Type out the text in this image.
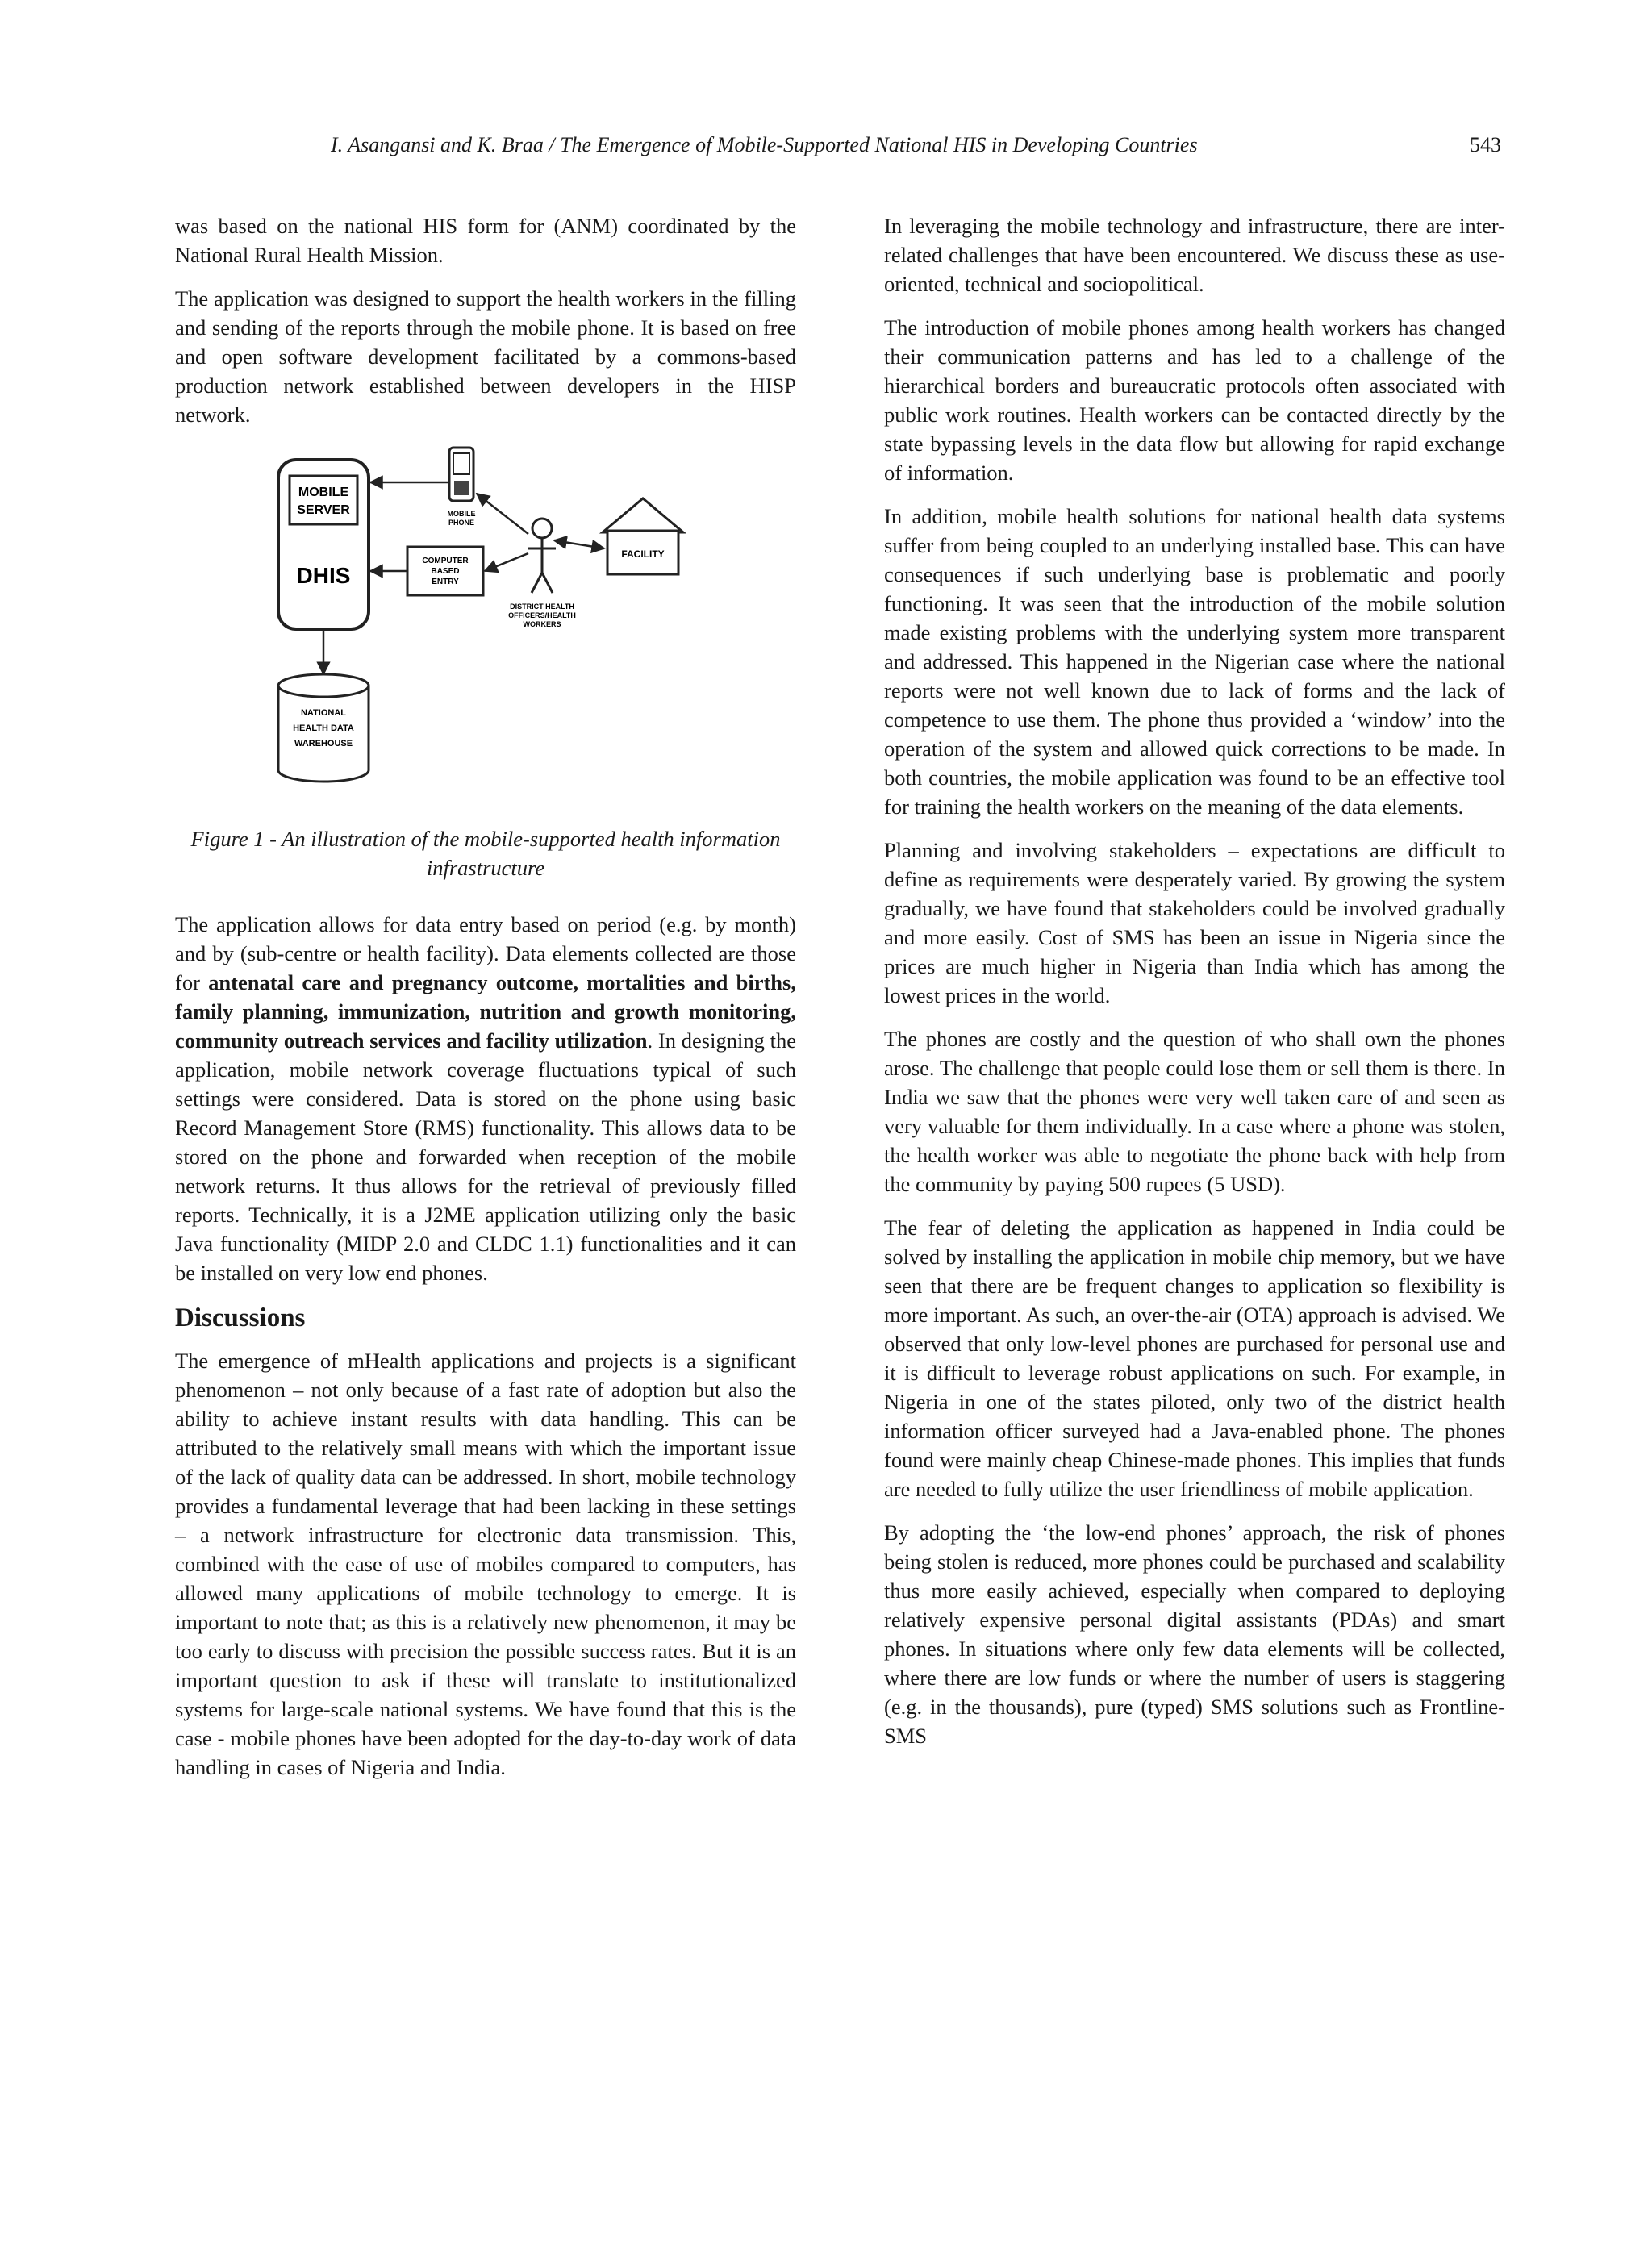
I. Asangansi and K. Braa / The Emergence of Mobile-Supported National HIS in Developing Countries	543

was based on the national HIS form for (ANM) coordinated by the National Rural Health Mission.

The application was designed to support the health workers in the filling and sending of the reports through the mobile phone. It is based on free and open software development facilitated by a commons-based production network established between developers in the HISP network.

MOBILE
SERVER
DHIS
MOBILE
PHONE
COMPUTER
BASED
ENTRY
DISTRICT HEALTH
OFFICERS/HEALTH
WORKERS
FACILITY
NATIONAL
HEALTH DATA
WAREHOUSE
Figure 1 - An illustration of the mobile-supported health information infrastructure

The application allows for data entry based on period (e.g. by month) and by (sub-centre or health facility). Data elements collected are those for antenatal care and pregnancy outcome, mortalities and births, family planning, immunization, nutrition and growth monitoring, community outreach services and facility utilization. In designing the application, mobile network coverage fluctuations typical of such settings were considered. Data is stored on the phone using basic Record Management Store (RMS) functionality. This allows data to be stored on the phone and forwarded when reception of the mobile network returns. It thus allows for the retrieval of previously filled reports. Technically, it is a J2ME application utilizing only the basic Java functionality (MIDP 2.0 and CLDC 1.1) functionalities and it can be installed on very low end phones.

Discussions

The emergence of mHealth applications and projects is a significant phenomenon – not only because of a fast rate of adoption but also the ability to achieve instant results with data handling. This can be attributed to the relatively small means with which the important issue of the lack of quality data can be addressed. In short, mobile technology provides a fundamental leverage that had been lacking in these settings – a network infrastructure for electronic data transmission. This, combined with the ease of use of mobiles compared to computers, has allowed many applications of mobile technology to emerge. It is important to note that; as this is a relatively new phenomenon, it may be too early to discuss with precision the possible success rates. But it is an important question to ask if these will translate to institutionalized systems for large-scale national systems. We have found that this is the case - mobile phones have been adopted for the day-to-day work of data handling in cases of Nigeria and India.

In leveraging the mobile technology and infrastructure, there are inter-related challenges that have been encountered. We discuss these as use-oriented, technical and sociopolitical.

The introduction of mobile phones among health workers has changed their communication patterns and has led to a challenge of the hierarchical borders and bureaucratic protocols often associated with public work routines. Health workers can be contacted directly by the state bypassing levels in the data flow but allowing for rapid exchange of information.

In addition, mobile health solutions for national health data systems suffer from being coupled to an underlying installed base. This can have consequences if such underlying base is problematic and poorly functioning. It was seen that the introduction of the mobile solution made existing problems with the underlying system more transparent and addressed. This happened in the Nigerian case where the national reports were not well known due to lack of forms and the lack of competence to use them. The phone thus provided a ‘window’ into the operation of the system and allowed quick corrections to be made. In both countries, the mobile application was found to be an effective tool for training the health workers on the meaning of the data elements.

Planning and involving stakeholders – expectations are difficult to define as requirements were desperately varied. By growing the system gradually, we have found that stakeholders could be involved gradually and more easily. Cost of SMS has been an issue in Nigeria since the prices are much higher in Nigeria than India which has among the lowest prices in the world.

The phones are costly and the question of who shall own the phones arose. The challenge that people could lose them or sell them is there. In India we saw that the phones were very well taken care of and seen as very valuable for them individually. In a case where a phone was stolen, the health worker was able to negotiate the phone back with help from the community by paying 500 rupees (5 USD).

The fear of deleting the application as happened in India could be solved by installing the application in mobile chip memory, but we have seen that there are be frequent changes to application so flexibility is more important. As such, an over-the-air (OTA) approach is advised. We observed that only low-level phones are purchased for personal use and it is difficult to leverage robust applications on such. For example, in Nigeria in one of the states piloted, only two of the district health information officer surveyed had a Java-enabled phone. The phones found were mainly cheap Chinese-made phones. This implies that funds are needed to fully utilize the user friendliness of mobile application.

By adopting the ‘the low-end phones’ approach, the risk of phones being stolen is reduced, more phones could be purchased and scalability thus more easily achieved, especially when compared to deploying relatively expensive personal digital assistants (PDAs) and smart phones. In situations where only few data elements will be collected, where there are low funds or where the number of users is staggering (e.g. in the thousands), pure (typed) SMS solutions such as Frontline-SMS
